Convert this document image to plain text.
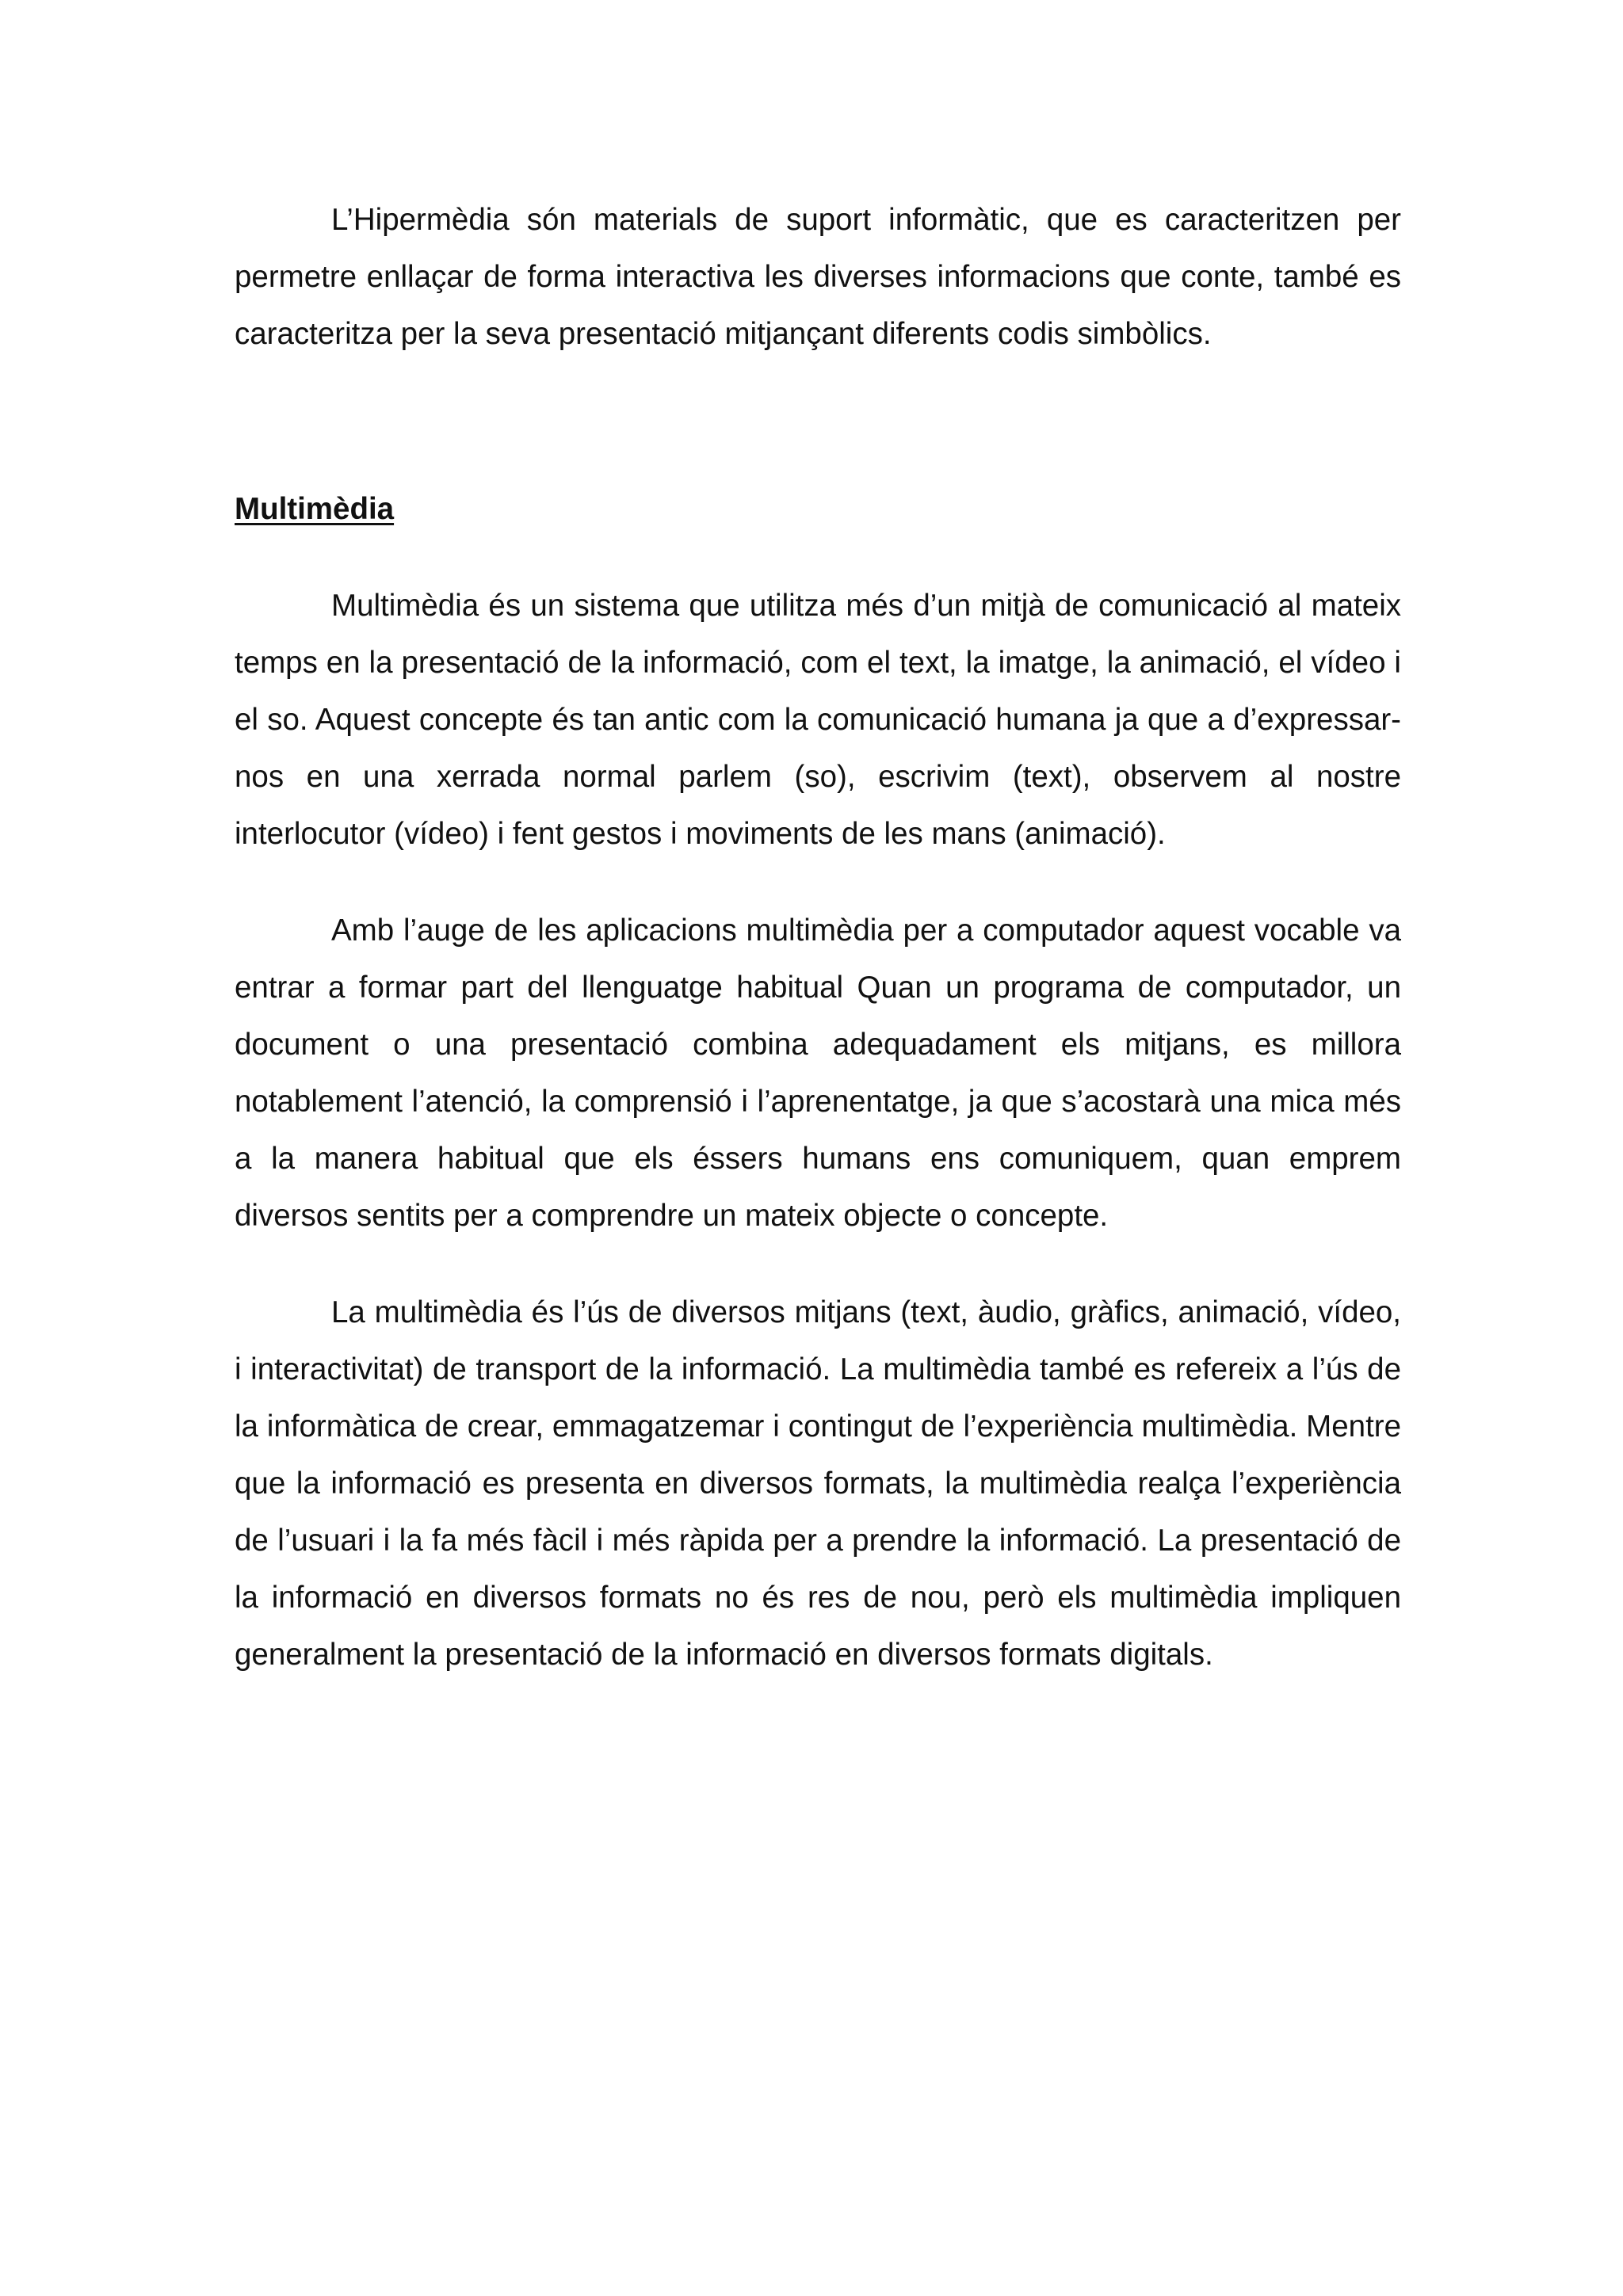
L’Hipermèdia són materials de suport informàtic, que es caracteritzen per permetre enllaçar de forma interactiva les diverses informacions que conte, també es caracteritza per la seva presentació mitjançant diferents codis simbòlics.

Multimèdia

Multimèdia és un sistema que utilitza més d’un mitjà de comunicació al mateix temps en la presentació de la informació, com el text, la imatge, la animació, el vídeo i el so. Aquest concepte és tan antic com la comunicació humana ja que a d’expressar-nos en una xerrada normal parlem (so), escrivim (text), observem al nostre interlocutor (vídeo) i fent gestos i moviments de les mans (animació).

Amb l’auge de les aplicacions multimèdia per a computador aquest vocable va entrar a formar part del llenguatge habitual Quan un programa de computador, un document o una presentació combina adequadament els mitjans, es millora notablement l’atenció, la comprensió i l’aprenentatge, ja que s’acostarà una mica més a la manera habitual que els éssers humans ens comuniquem, quan emprem diversos sentits per a comprendre un mateix objecte o concepte.

La multimèdia és l’ús de diversos mitjans (text, àudio, gràfics, animació, vídeo, i interactivitat) de transport de la informació. La multimèdia també es refereix a l’ús de la informàtica de crear, emmagatzemar i contingut de l’experiència multimèdia. Mentre que la informació es presenta en diversos formats, la multimèdia realça l’experiència de l’usuari i la fa més fàcil i més ràpida per a prendre la informació. La presentació de la informació en diversos formats no és res de nou, però els multimèdia impliquen generalment la presentació de la informació en diversos formats digitals.
